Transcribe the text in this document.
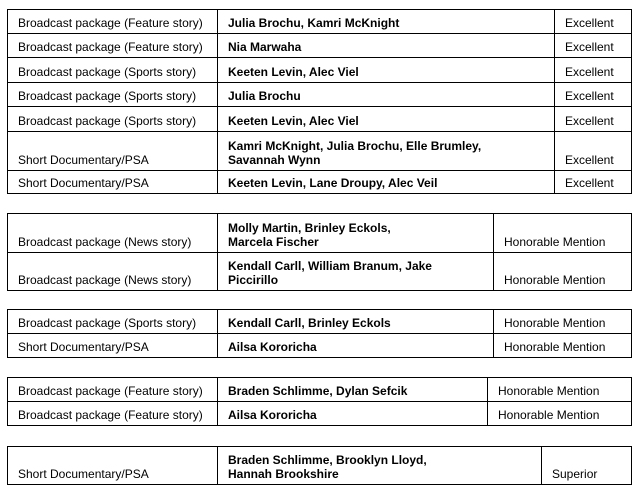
Broadcast package (Feature story)	Julia Brochu, Kamri McKnight	Excellent
Broadcast package (Feature story)	Nia Marwaha	Excellent
Broadcast package (Sports story)	Keeten Levin, Alec Viel	Excellent
Broadcast package (Sports story)	Julia Brochu	Excellent
Broadcast package (Sports story)	Keeten Levin, Alec Viel	Excellent
Short Documentary/PSA	Kamri McKnight, Julia Brochu, Elle Brumley, Savannah Wynn	Excellent
Short Documentary/PSA	Keeten Levin, Lane Droupy, Alec Veil	Excellent
Broadcast package (News story)	Molly Martin, Brinley Eckols, Marcela Fischer	Honorable Mention
Broadcast package (News story)	Kendall Carll, William Branum, Jake Piccirillo	Honorable Mention
Broadcast package (Sports story)	Kendall Carll, Brinley Eckols	Honorable Mention
Short Documentary/PSA	Ailsa Kororicha	Honorable Mention
Broadcast package (Feature story)	Braden Schlimme, Dylan Sefcik	Honorable Mention
Broadcast package (Feature story)	Ailsa Kororicha	Honorable Mention
Short Documentary/PSA	Braden Schlimme, Brooklyn Lloyd, Hannah Brookshire	Superior
